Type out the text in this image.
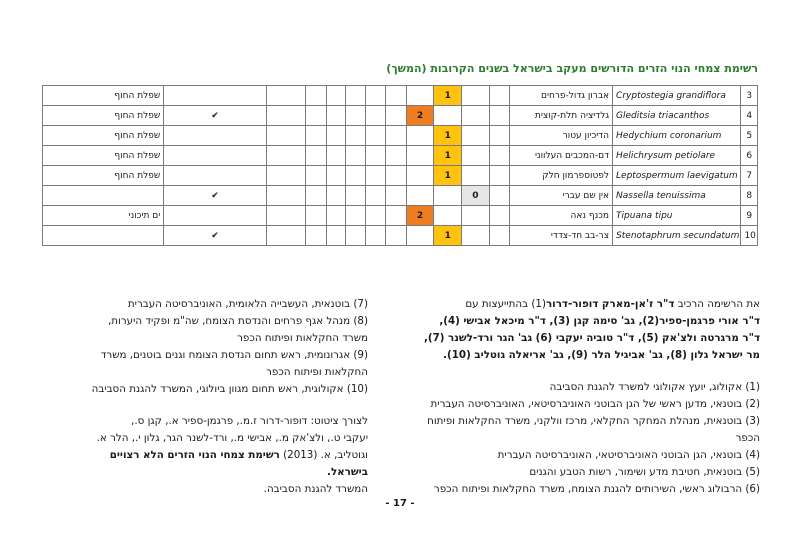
רשימת צמחי הנוי הזרים הדורשים מעקב בישראל בשנים הקרובות (המשך)
שפלת החוף									1			אברון גדול-פרחים	Cryptostegia grandiflora	3
שפלת החוף	✔							2				גלדיציה תלת-קוצית	Gleditsia triacanthos	4
שפלת החוף									1			הדיכיון עטור	Hedychium coronarium	5
שפלת החוף									1			דם-המכבים העלווני	Helichrysum petiolare	6
שפלת החוף									1			לפטוספרמון חלק	Leptospermum laevigatum	7
	✔									0		אין שם עברי	Nassella tenuissima	8
ים תיכוני								2				מכנף נאה	Tipuana tipu	9
	✔								1			צר-בב חד-צדדי	Stenotaphrum secundatum	10
את הרשימה הרכיב ד"ר ז'אן-מארק דופור-דרור(1) בהתייעצות עם
ד"ר אורי פרגמן-ספיר(2), גב' סימה קגן (3), ד"ר מיכאל אבישי (4),
ד"ר מרגרטה ולצ'אק (5), ד"ר טוביה יעקבי (6) גב' הגר ורד-לשנר (7),
מר ישראל גלון (8), גב' אביגיל הלר (9), גב' אריאלה גוטליב (10).
(1) אקולוג, יועץ אקולוגי למשרד להגנת הסביבה
(2) בוטנאי, מדען ראשי של הגן הבוטני האוניברסיטאי, האוניברסיטה העברית
(3) בוטנאית, מנהלת המחקר החקלאי, מרכז וולקני, משרד החקלאות ופיתוח הכפר
(4) בוטנאי, הגן הבוטני האוניברסיטאי, האוניברסיטה העברית
(5) בוטנאית, חטיבת מדע ושימור, רשות הטבע והגנים
(6) הרבולוג ראשי, השירותים להגנת הצומח, משרד החקלאות ופיתוח הכפר
(7) בוטנאית, העשבייה הלאומית, האוניברסיטה העברית
(8) מנהל אגף פרחים והנדסת הצומח, שה"מ ופקיד היערות,
משרד החקלאות ופיתוח הכפר
(9) אגרונומית, ראש תחום הנדסת הצומח וגנים בוטנים, משרד
החקלאות ופיתוח הכפר
(10) אקולוגית, ראש תחום מגוון ביולוגי, המשרד להגנת הסביבה
לצורך ציטוט: דופור-דרור ז.מ., פרגמן-ספיר א., קגן ס.,
יעקבי ט., ולצ'אק מ., אבישי מ., ורד-לשנר הגר, גלון י., הלר א.
וגוטליב, א. (2013) רשימת צמחי הנוי הזרים הלא רצויים בישראל.
המשרד להגנת הסביבה.
- 17 -
